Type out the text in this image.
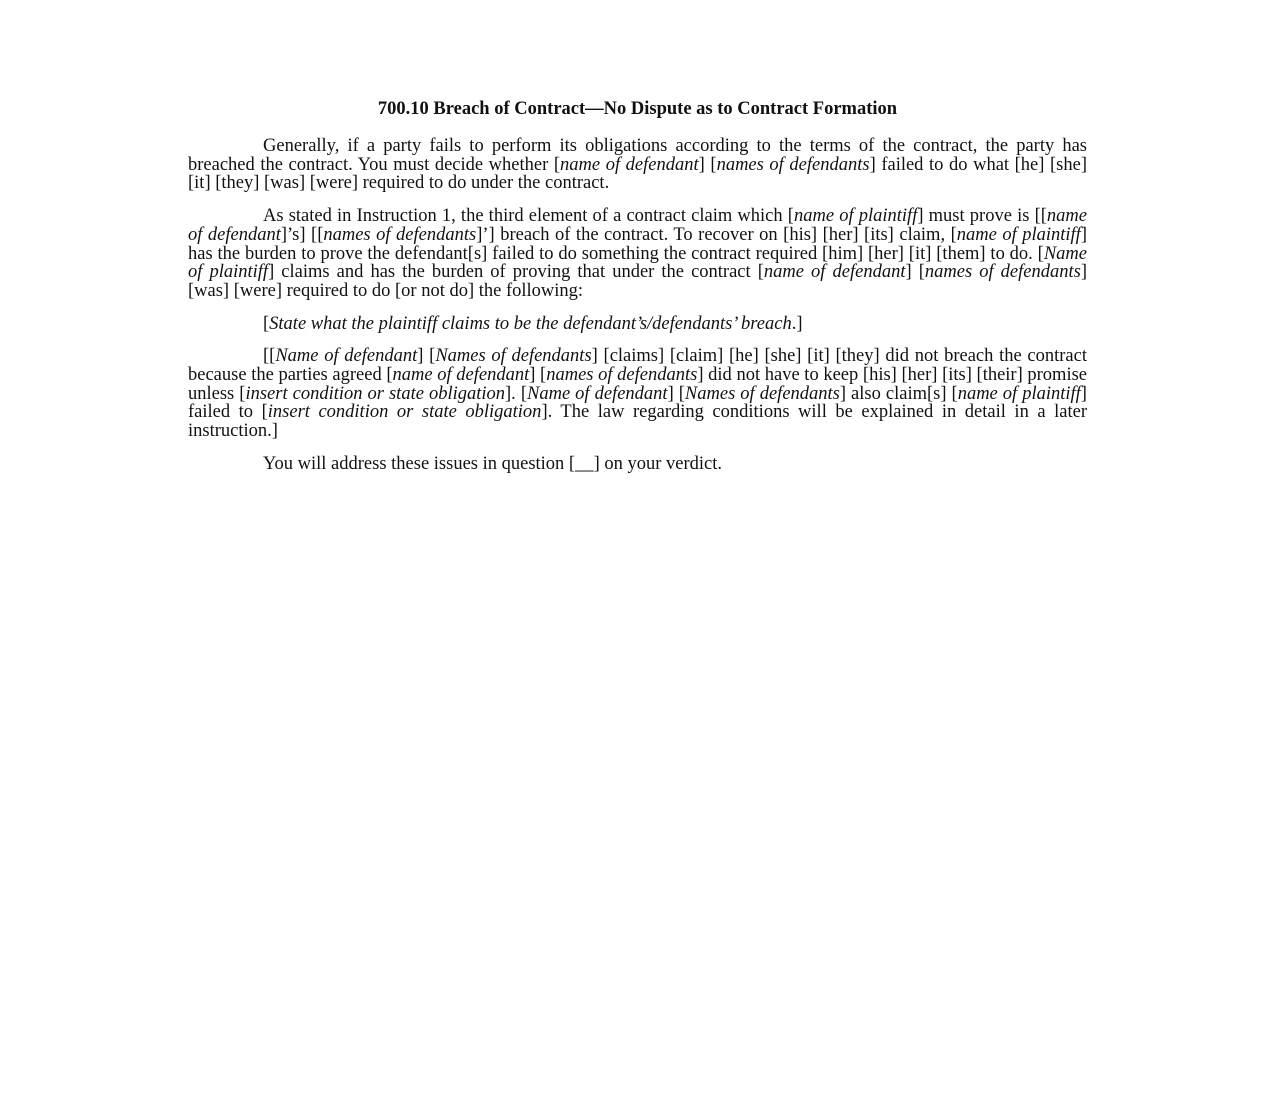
700.10 Breach of Contract—No Dispute as to Contract Formation

Generally, if a party fails to perform its obligations according to the terms of the contract, the party has breached the contract. You must decide whether [name of defendant] [names of defendants] failed to do what [he] [she] [it] [they] [was] [were] required to do under the contract.

As stated in Instruction 1, the third element of a contract claim which [name of plaintiff] must prove is [[name of defendant]’s] [[names of defendants]’] breach of the contract. To recover on [his] [her] [its] claim, [name of plaintiff] has the burden to prove the defendant[s] failed to do something the contract required [him] [her] [it] [them] to do. [Name of plaintiff] claims and has the burden of proving that under the contract [name of defendant] [names of defendants] [was] [were] required to do [or not do] the following:

[State what the plaintiff claims to be the defendant’s/defendants’ breach.]

[[Name of defendant] [Names of defendants] [claims] [claim] [he] [she] [it] [they] did not breach the contract because the parties agreed [name of defendant] [names of defendants] did not have to keep [his] [her] [its] [their] promise unless [insert condition or state obligation]. [Name of defendant] [Names of defendants] also claim[s] [name of plaintiff] failed to [insert condition or state obligation]. The law regarding conditions will be explained in detail in a later instruction.]

You will address these issues in question [__] on your verdict.
